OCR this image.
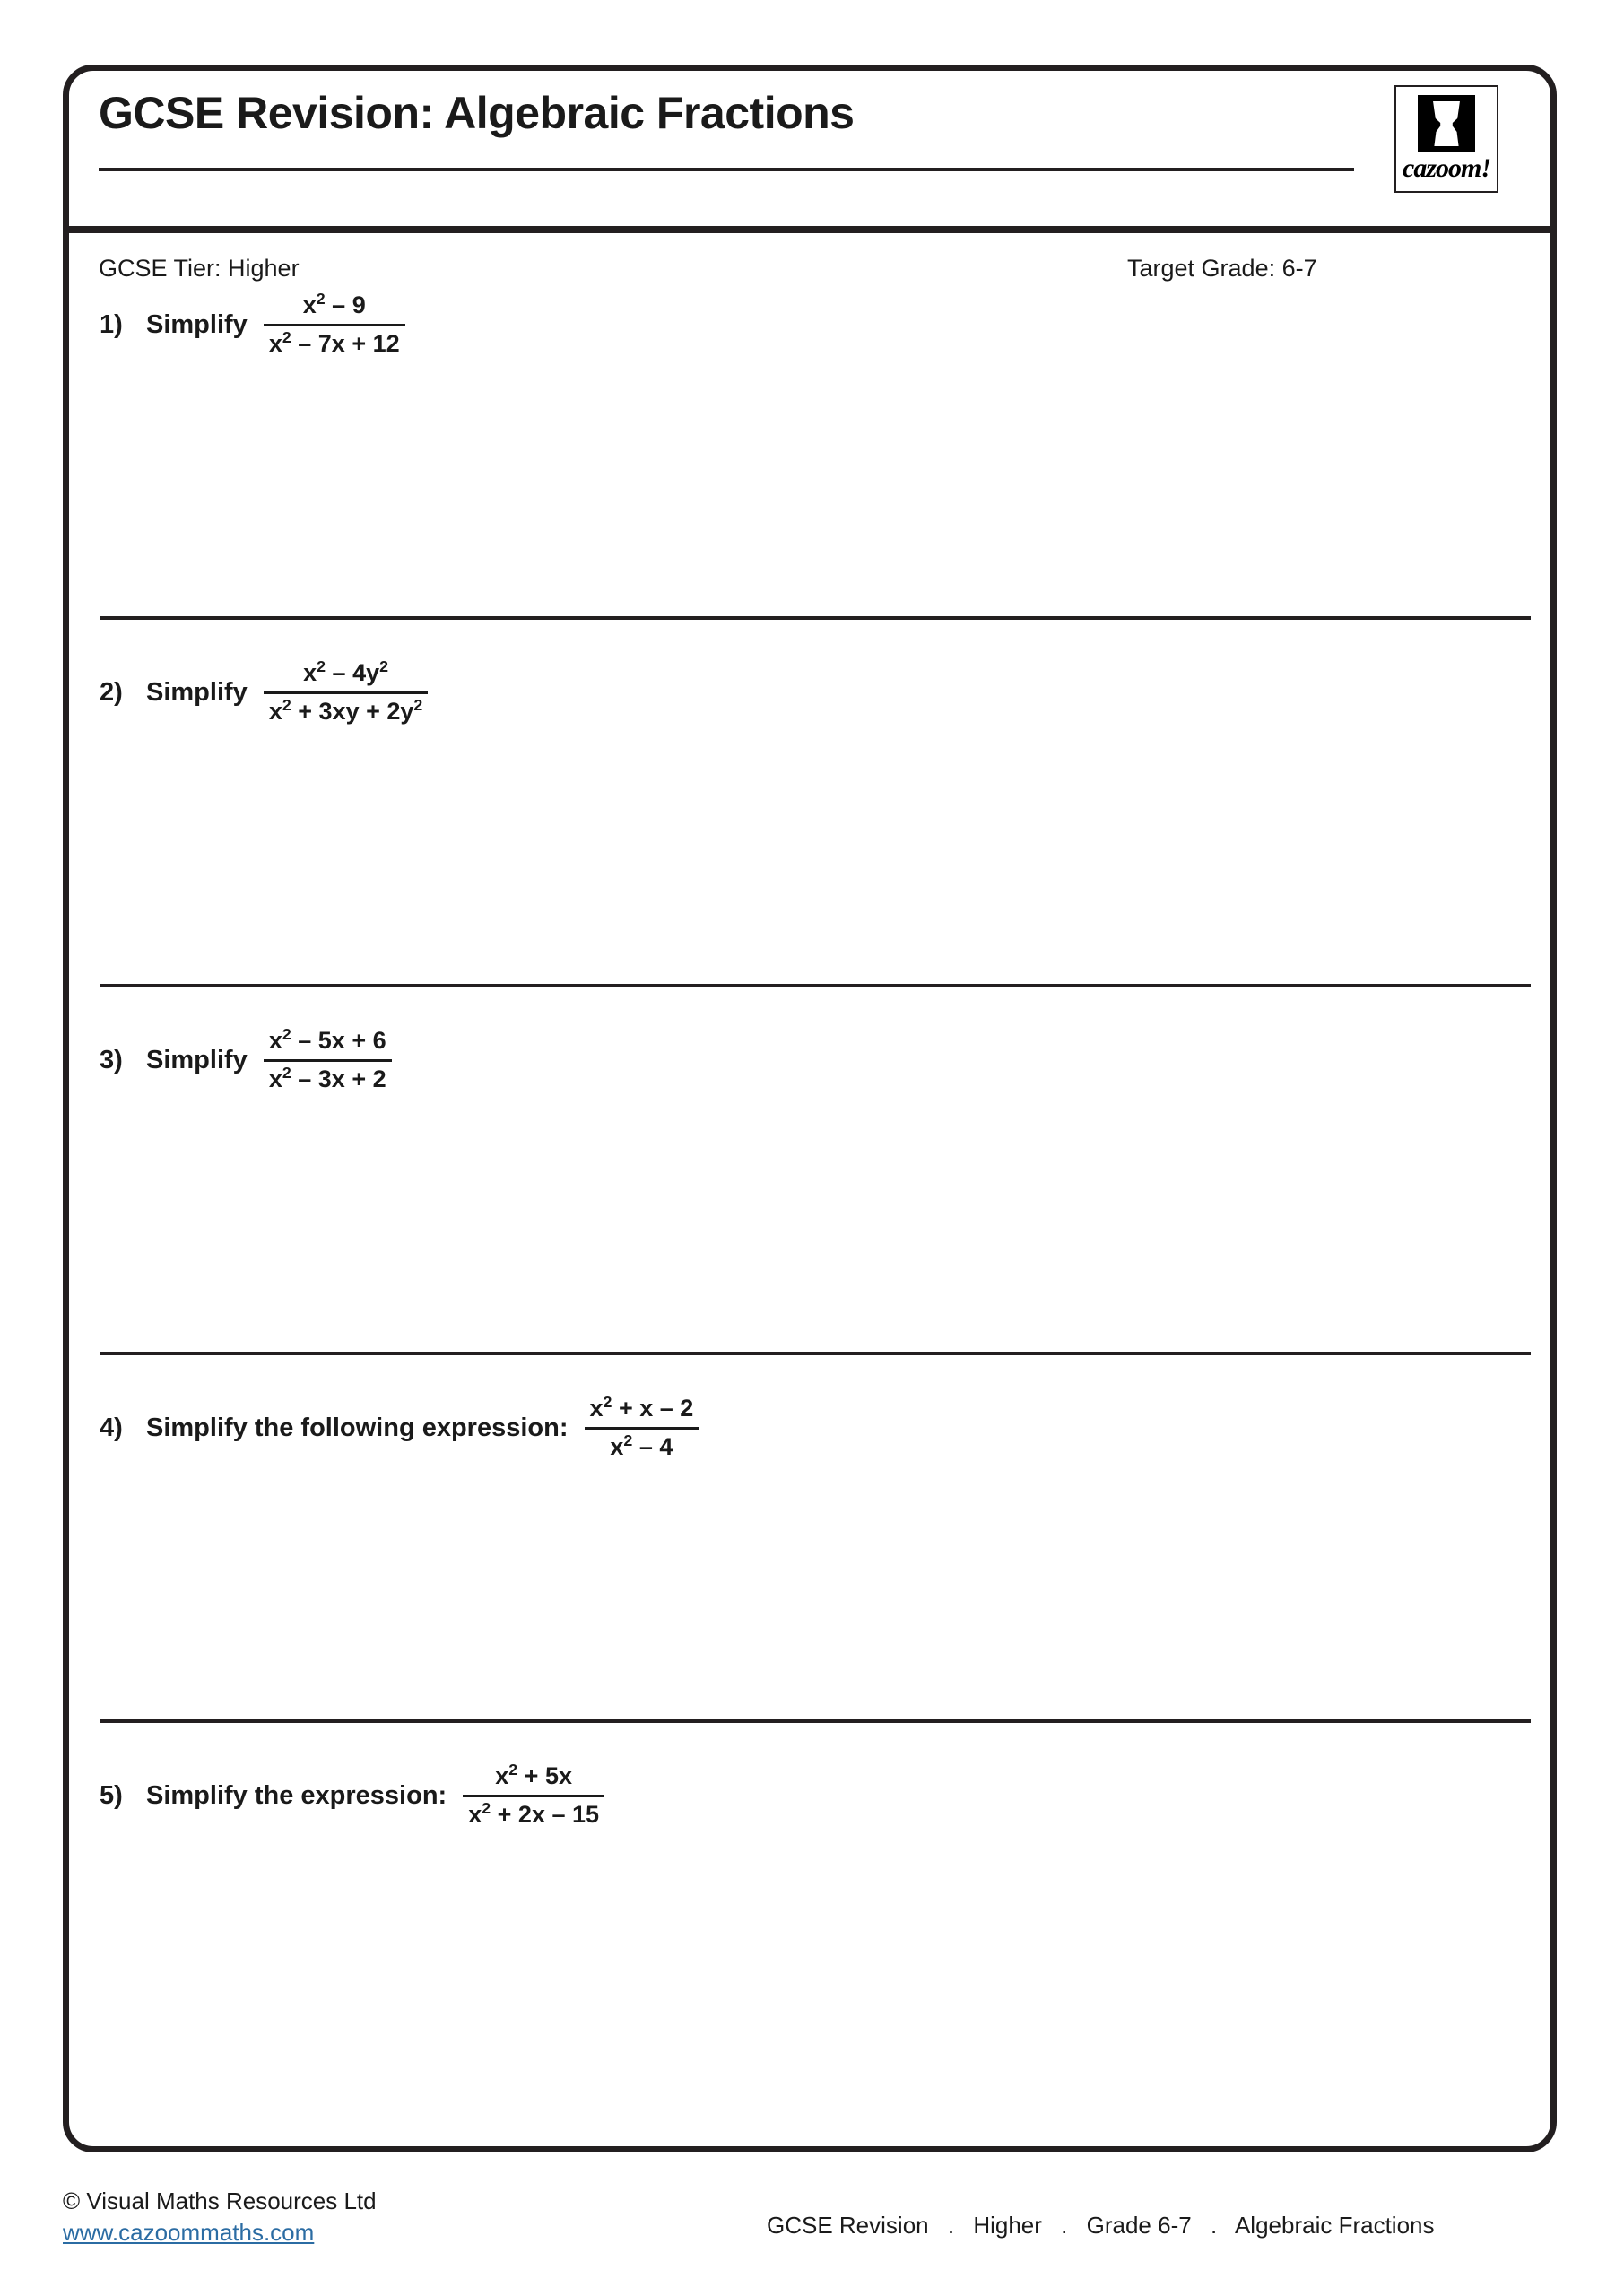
GCSE Revision: Algebraic Fractions
GCSE Tier: Higher	Target Grade: 6-7
cazoom!
1) Simplify $\frac{x^2 - 9}{x^2 - 7x + 12}$
2) Simplify $\frac{x^2 - 4y^2}{x^2 + 3xy + 2y^2}$
3) Simplify $\frac{x^2 - 5x + 6}{x^2 - 3x + 2}$
4) Simplify the following expression: $\frac{x^2 + x - 2}{x^2 - 4}$
5) Simplify the expression: $\frac{x^2 + 5x}{x^2 + 2x - 15}$
© Visual Maths Resources Ltd
www.cazoommaths.com	GCSE Revision . Higher . Grade 6-7 . Algebraic Fractions
